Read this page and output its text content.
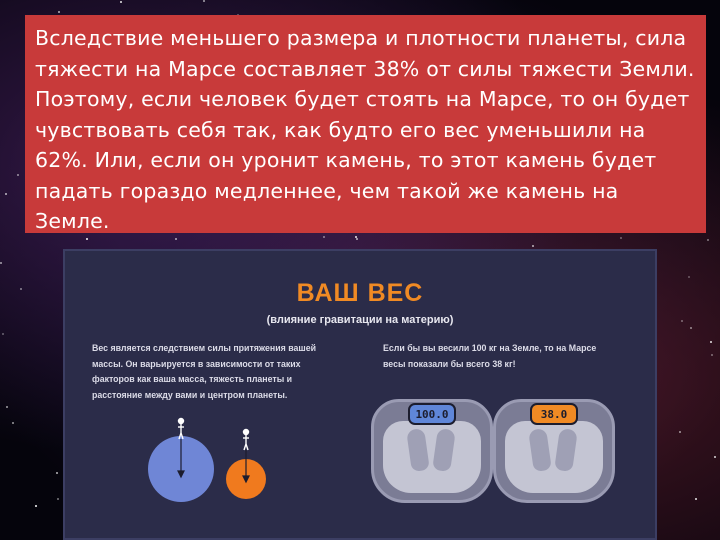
Вследствие меньшего размера и плотности планеты, сила тяжести на Марсе составляет 38% от силы тяжести Земли. Поэтому, если человек будет стоять на Марсе, то он будет чувствовать себя так, как будто его вес уменьшили на 62%. Или, если он уронит камень, то этот камень будет падать гораздо медленнее, чем такой же камень на Земле.

ВАШ ВЕС
(влияние гравитации на материю)
Вес является следствием силы притяжения вашей массы. Он варьируется в зависимости от таких факторов как ваша масса, тяжесть планеты и расстояние между вами и центром планеты.
Если бы вы весили 100 кг на Земле, то на Марсе весы показали бы всего 38 кг!
100.0	38.0
